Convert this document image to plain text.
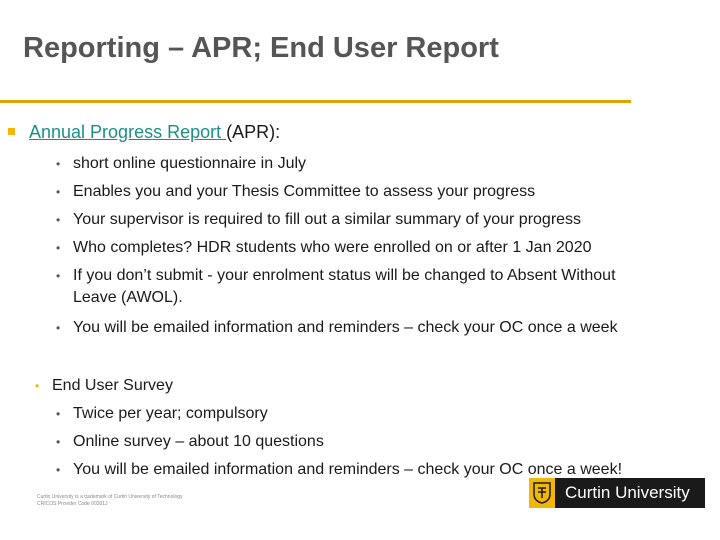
Reporting – APR; End User Report
Annual Progress Report (APR):
• short online questionnaire in July
• Enables you and your Thesis Committee to assess your progress
• Your supervisor is required to fill out a similar summary of your progress
• Who completes? HDR students who were enrolled on or after 1 Jan 2020
• If you don’t submit - your enrolment status will be changed to Absent Without
Leave (AWOL).
• You will be emailed information and reminders – check your OC once a week
• End User Survey
• Twice per year; compulsory
• Online survey – about 10 questions
• You will be emailed information and reminders – check your OC once a week!
Curtin University is a trademark of Curtin University of Technology
CRICOS Provider Code 00301J
Curtin University
